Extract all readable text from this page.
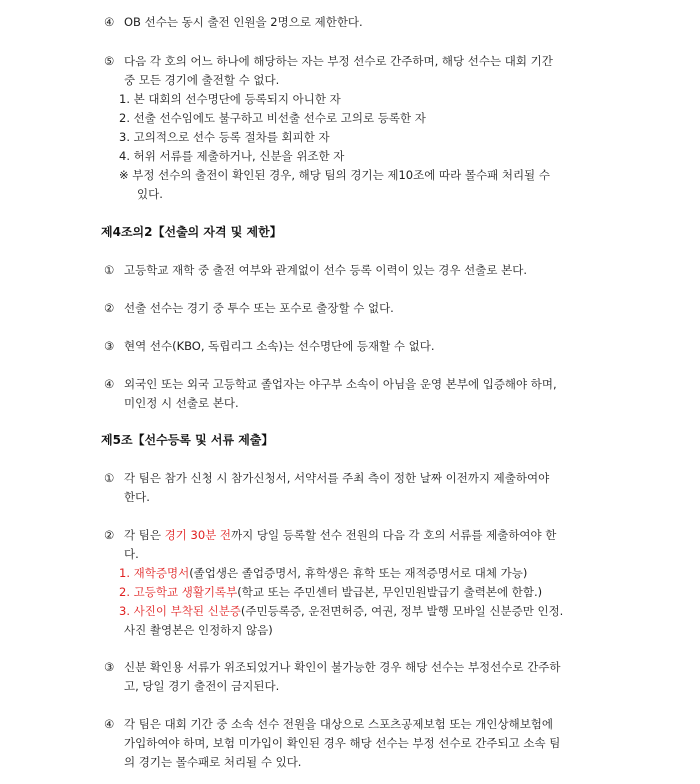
④ OB 선수는 동시 출전 인원을 2명으로 제한한다.
⑤ 다음 각 호의 어느 하나에 해당하는 자는 부정 선수로 간주하며, 해당 선수는 대회 기간
중 모든 경기에 출전할 수 없다.
1. 본 대회의 선수명단에 등록되지 아니한 자
2. 선출 선수임에도 불구하고 비선출 선수로 고의로 등록한 자
3. 고의적으로 선수 등록 절차를 회피한 자
4. 허위 서류를 제출하거나, 신분을 위조한 자
※ 부정 선수의 출전이 확인된 경우, 해당 팀의 경기는 제10조에 따라 몰수패 처리될 수
있다.
제4조의2【선출의 자격 및 제한】
① 고등학교 재학 중 출전 여부와 관계없이 선수 등록 이력이 있는 경우 선출로 본다.
② 선출 선수는 경기 중 투수 또는 포수로 출장할 수 없다.
③ 현역 선수(KBO, 독립리그 소속)는 선수명단에 등재할 수 없다.
④ 외국인 또는 외국 고등학교 졸업자는 야구부 소속이 아님을 운영 본부에 입증해야 하며,
미인정 시 선출로 본다.
제5조【선수등록 및 서류 제출】
① 각 팀은 참가 신청 시 참가신청서, 서약서를 주최 측이 정한 날짜 이전까지 제출하여야
한다.
② 각 팀은 경기 30분 전까지 당일 등록할 선수 전원의 다음 각 호의 서류를 제출하여야 한
다.
1. 재학증명서(졸업생은 졸업증명서, 휴학생은 휴학 또는 재적증명서로 대체 가능)
2. 고등학교 생활기록부(학교 또는 주민센터 발급본, 무인민원발급기 출력본에 한함.)
3. 사진이 부착된 신분증(주민등록증, 운전면허증, 여권, 정부 발행 모바일 신분증만 인정.
사진 촬영본은 인정하지 않음)
③ 신분 확인용 서류가 위조되었거나 확인이 불가능한 경우 해당 선수는 부정선수로 간주하
고, 당일 경기 출전이 금지된다.
④ 각 팀은 대회 기간 중 소속 선수 전원을 대상으로 스포츠공제보험 또는 개인상해보험에
가입하여야 하며, 보험 미가입이 확인된 경우 해당 선수는 부정 선수로 간주되고 소속 팀
의 경기는 몰수패로 처리될 수 있다.
